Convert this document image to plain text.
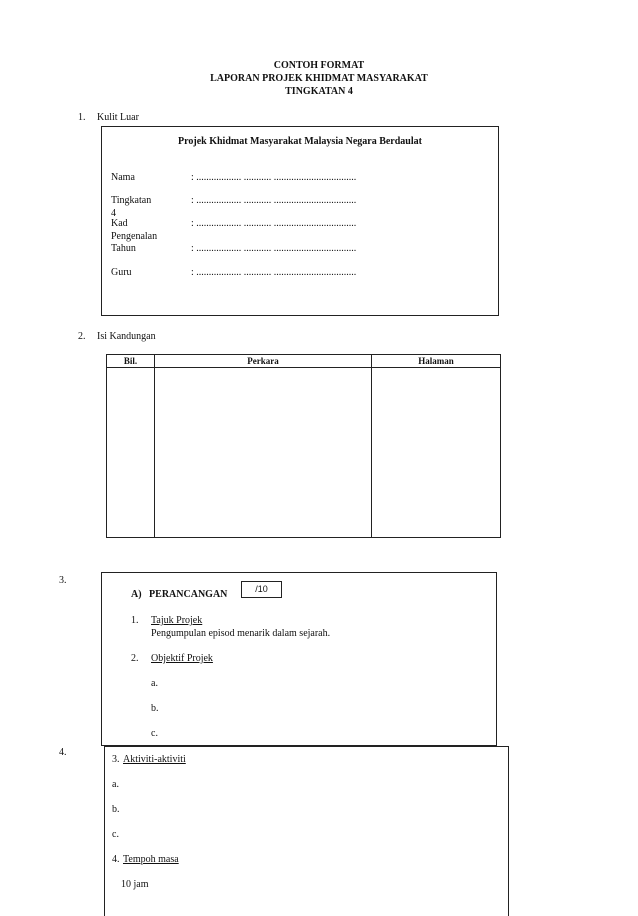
CONTOH FORMAT
LAPORAN PROJEK KHIDMAT MASYARAKAT
TINGKATAN 4
1. Kulit Luar
Projek Khidmat Masyarakat Malaysia Negara Berdaulat
Nama	: .................. ........... .................................
Tingkatan 4
: .................. ........... .................................
Kad Pengenalan
: .................. ........... .................................
Tahun	: .................. ........... .................................
Guru	: .................. ........... .................................
2. Isi Kandungan
Bil.	Perkara	Halaman

3.
A)   PERANCANGAN	/10
1. Tajuk Projek
Pengumpulan episod menarik dalam sejarah.
2. Objektif Projek
a.
b.
c.
4.
3. Aktiviti-aktiviti
a.
b.
c.
4. Tempoh masa
10 jam
